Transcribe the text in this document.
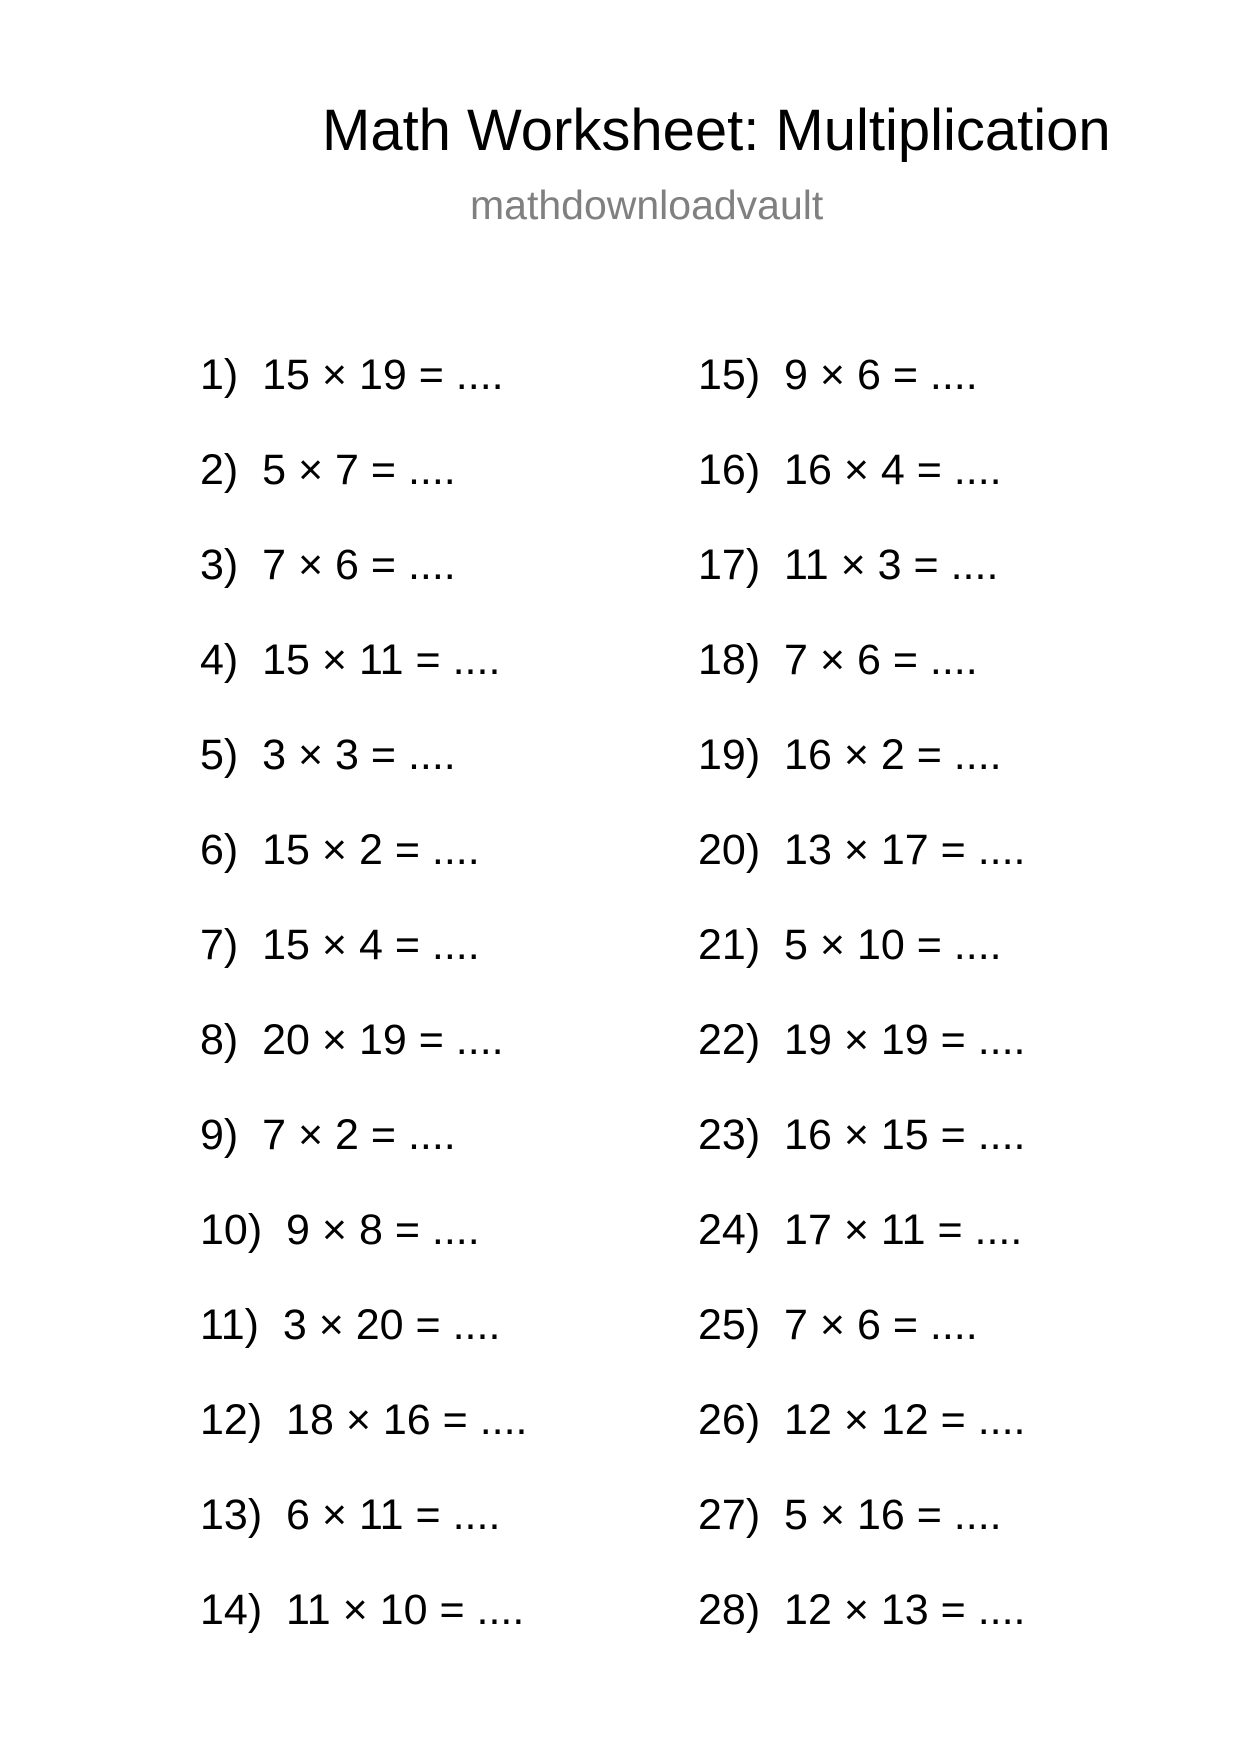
Math Worksheet: Multiplication
mathdownloadvault
1)  15 × 19 = ....
2)  5 × 7 = ....
3)  7 × 6 = ....
4)  15 × 11 = ....
5)  3 × 3 = ....
6)  15 × 2 = ....
7)  15 × 4 = ....
8)  20 × 19 = ....
9)  7 × 2 = ....
10)  9 × 8 = ....
11)  3 × 20 = ....
12)  18 × 16 = ....
13)  6 × 11 = ....
14)  11 × 10 = ....
15)  9 × 6 = ....
16)  16 × 4 = ....
17)  11 × 3 = ....
18)  7 × 6 = ....
19)  16 × 2 = ....
20)  13 × 17 = ....
21)  5 × 10 = ....
22)  19 × 19 = ....
23)  16 × 15 = ....
24)  17 × 11 = ....
25)  7 × 6 = ....
26)  12 × 12 = ....
27)  5 × 16 = ....
28)  12 × 13 = ....
